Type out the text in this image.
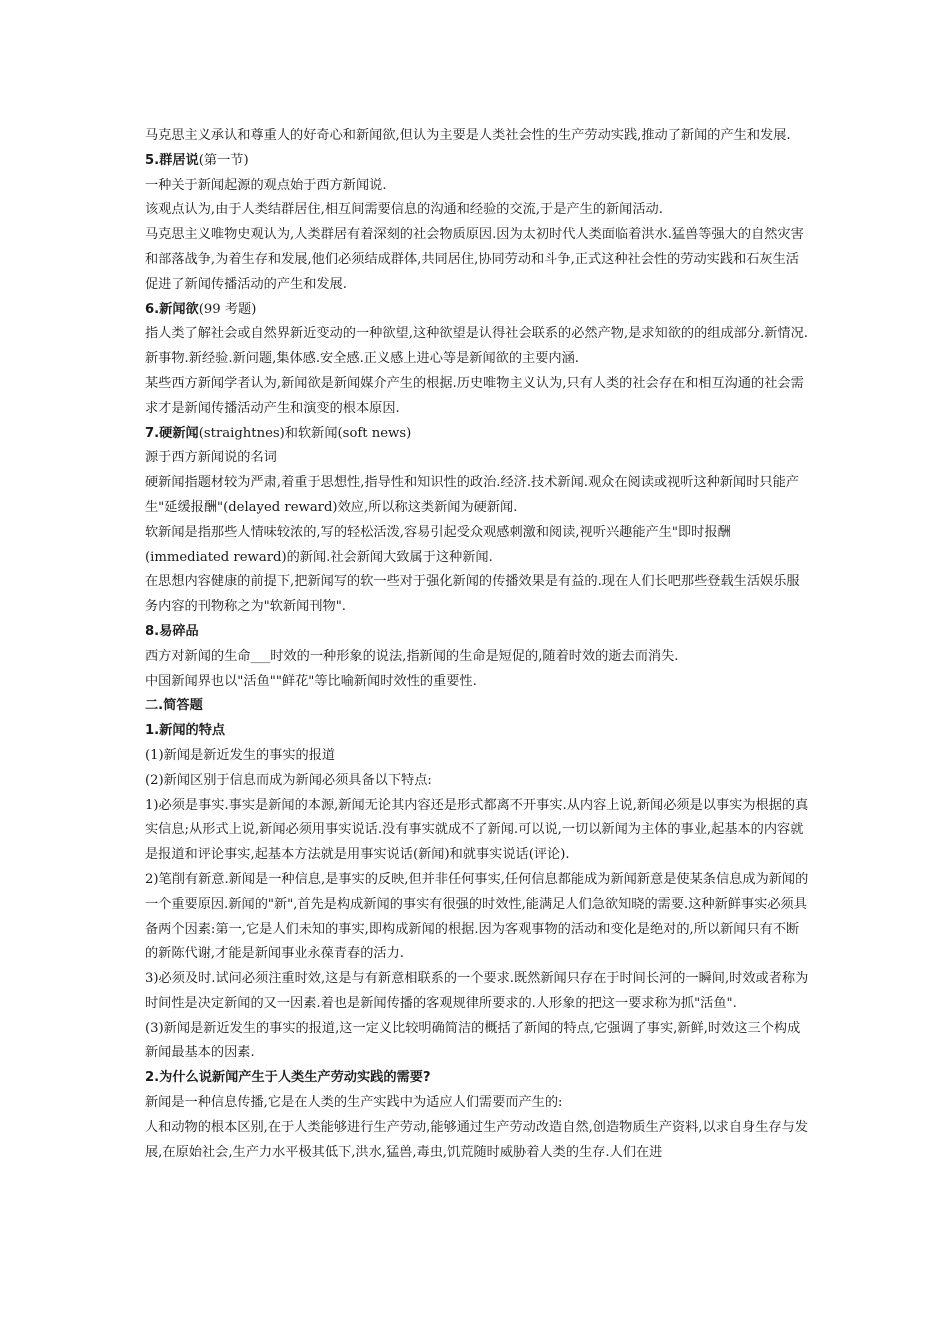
马克思主义承认和尊重人的好奇心和新闻欲,但认为主要是人类社会性的生产劳动实践,推动了新闻的产生和发展.

5.群居说(第一节)

一种关于新闻起源的观点始于西方新闻说.

该观点认为,由于人类结群居住,相互间需要信息的沟通和经验的交流,于是产生的新闻活动.

马克思主义唯物史观认为,人类群居有着深刻的社会物质原因.因为太初时代人类面临着洪水.猛兽等强大的自然灾害和部落战争,为着生存和发展,他们必须结成群体,共同居住,协同劳动和斗争,正式这种社会性的劳动实践和石灰生活促进了新闻传播活动的产生和发展.

6.新闻欲(99 考题)

指人类了解社会或自然界新近变动的一种欲望,这种欲望是认得社会联系的必然产物,是求知欲的的组成部分.新情况.新事物.新经验.新问题,集体感.安全感.正义感上进心等是新闻欲的主要内涵.

某些西方新闻学者认为,新闻欲是新闻媒介产生的根据.历史唯物主义认为,只有人类的社会存在和相互沟通的社会需求才是新闻传播活动产生和演变的根本原因.

7.硬新闻(straightnes)和软新闻(soft news)

源于西方新闻说的名词

硬新闻指题材较为严肃,着重于思想性,指导性和知识性的政治.经济.技术新闻.观众在阅读或视听这种新闻时只能产生"延缓报酬"(delayed reward)效应,所以称这类新闻为硬新闻.

软新闻是指那些人情味较浓的,写的轻松活泼,容易引起受众观感刺激和阅读,视听兴趣能产生"即时报酬(immediated reward)的新闻.社会新闻大致属于这种新闻.

在思想内容健康的前提下,把新闻写的软一些对于强化新闻的传播效果是有益的.现在人们长吧那些登载生活娱乐服务内容的刊物称之为"软新闻刊物".

8.易碎品

西方对新闻的生命___时效的一种形象的说法,指新闻的生命是短促的,随着时效的逝去而消失.

中国新闻界也以"活鱼""鲜花"等比喻新闻时效性的重要性.

二.简答题

1.新闻的特点

(1)新闻是新近发生的事实的报道

(2)新闻区别于信息而成为新闻必须具备以下特点:

1)必须是事实.事实是新闻的本源,新闻无论其内容还是形式都离不开事实.从内容上说,新闻必须是以事实为根据的真实信息;从形式上说,新闻必须用事实说话.没有事实就成不了新闻.可以说,一切以新闻为主体的事业,起基本的内容就是报道和评论事实,起基本方法就是用事实说话(新闻)和就事实说话(评论).

2)笔削有新意.新闻是一种信息,是事实的反映,但并非任何事实,任何信息都能成为新闻新意是使某条信息成为新闻的一个重要原因.新闻的"新",首先是构成新闻的事实有很强的时效性,能满足人们急欲知晓的需要.这种新鲜事实必须具备两个因素:第一,它是人们未知的事实,即构成新闻的根据.因为客观事物的活动和变化是绝对的,所以新闻只有不断的新陈代谢,才能是新闻事业永葆青春的活力.

3)必须及时.试问必须注重时效,这是与有新意相联系的一个要求.既然新闻只存在于时间长河的一瞬间,时效或者称为时间性是决定新闻的又一因素.着也是新闻传播的客观规律所要求的.人形象的把这一要求称为抓"活鱼".

(3)新闻是新近发生的事实的报道,这一定义比较明确简洁的概括了新闻的特点,它强调了事实,新鲜,时效这三个构成新闻最基本的因素.

2.为什么说新闻产生于人类生产劳动实践的需要?

新闻是一种信息传播,它是在人类的生产实践中为适应人们需要而产生的:

人和动物的根本区别,在于人类能够进行生产劳动,能够通过生产劳动改造自然,创造物质生产资料,以求自身生存与发展,在原始社会,生产力水平极其低下,洪水,猛兽,毒虫,饥荒随时威胁着人类的生存.人们在进
